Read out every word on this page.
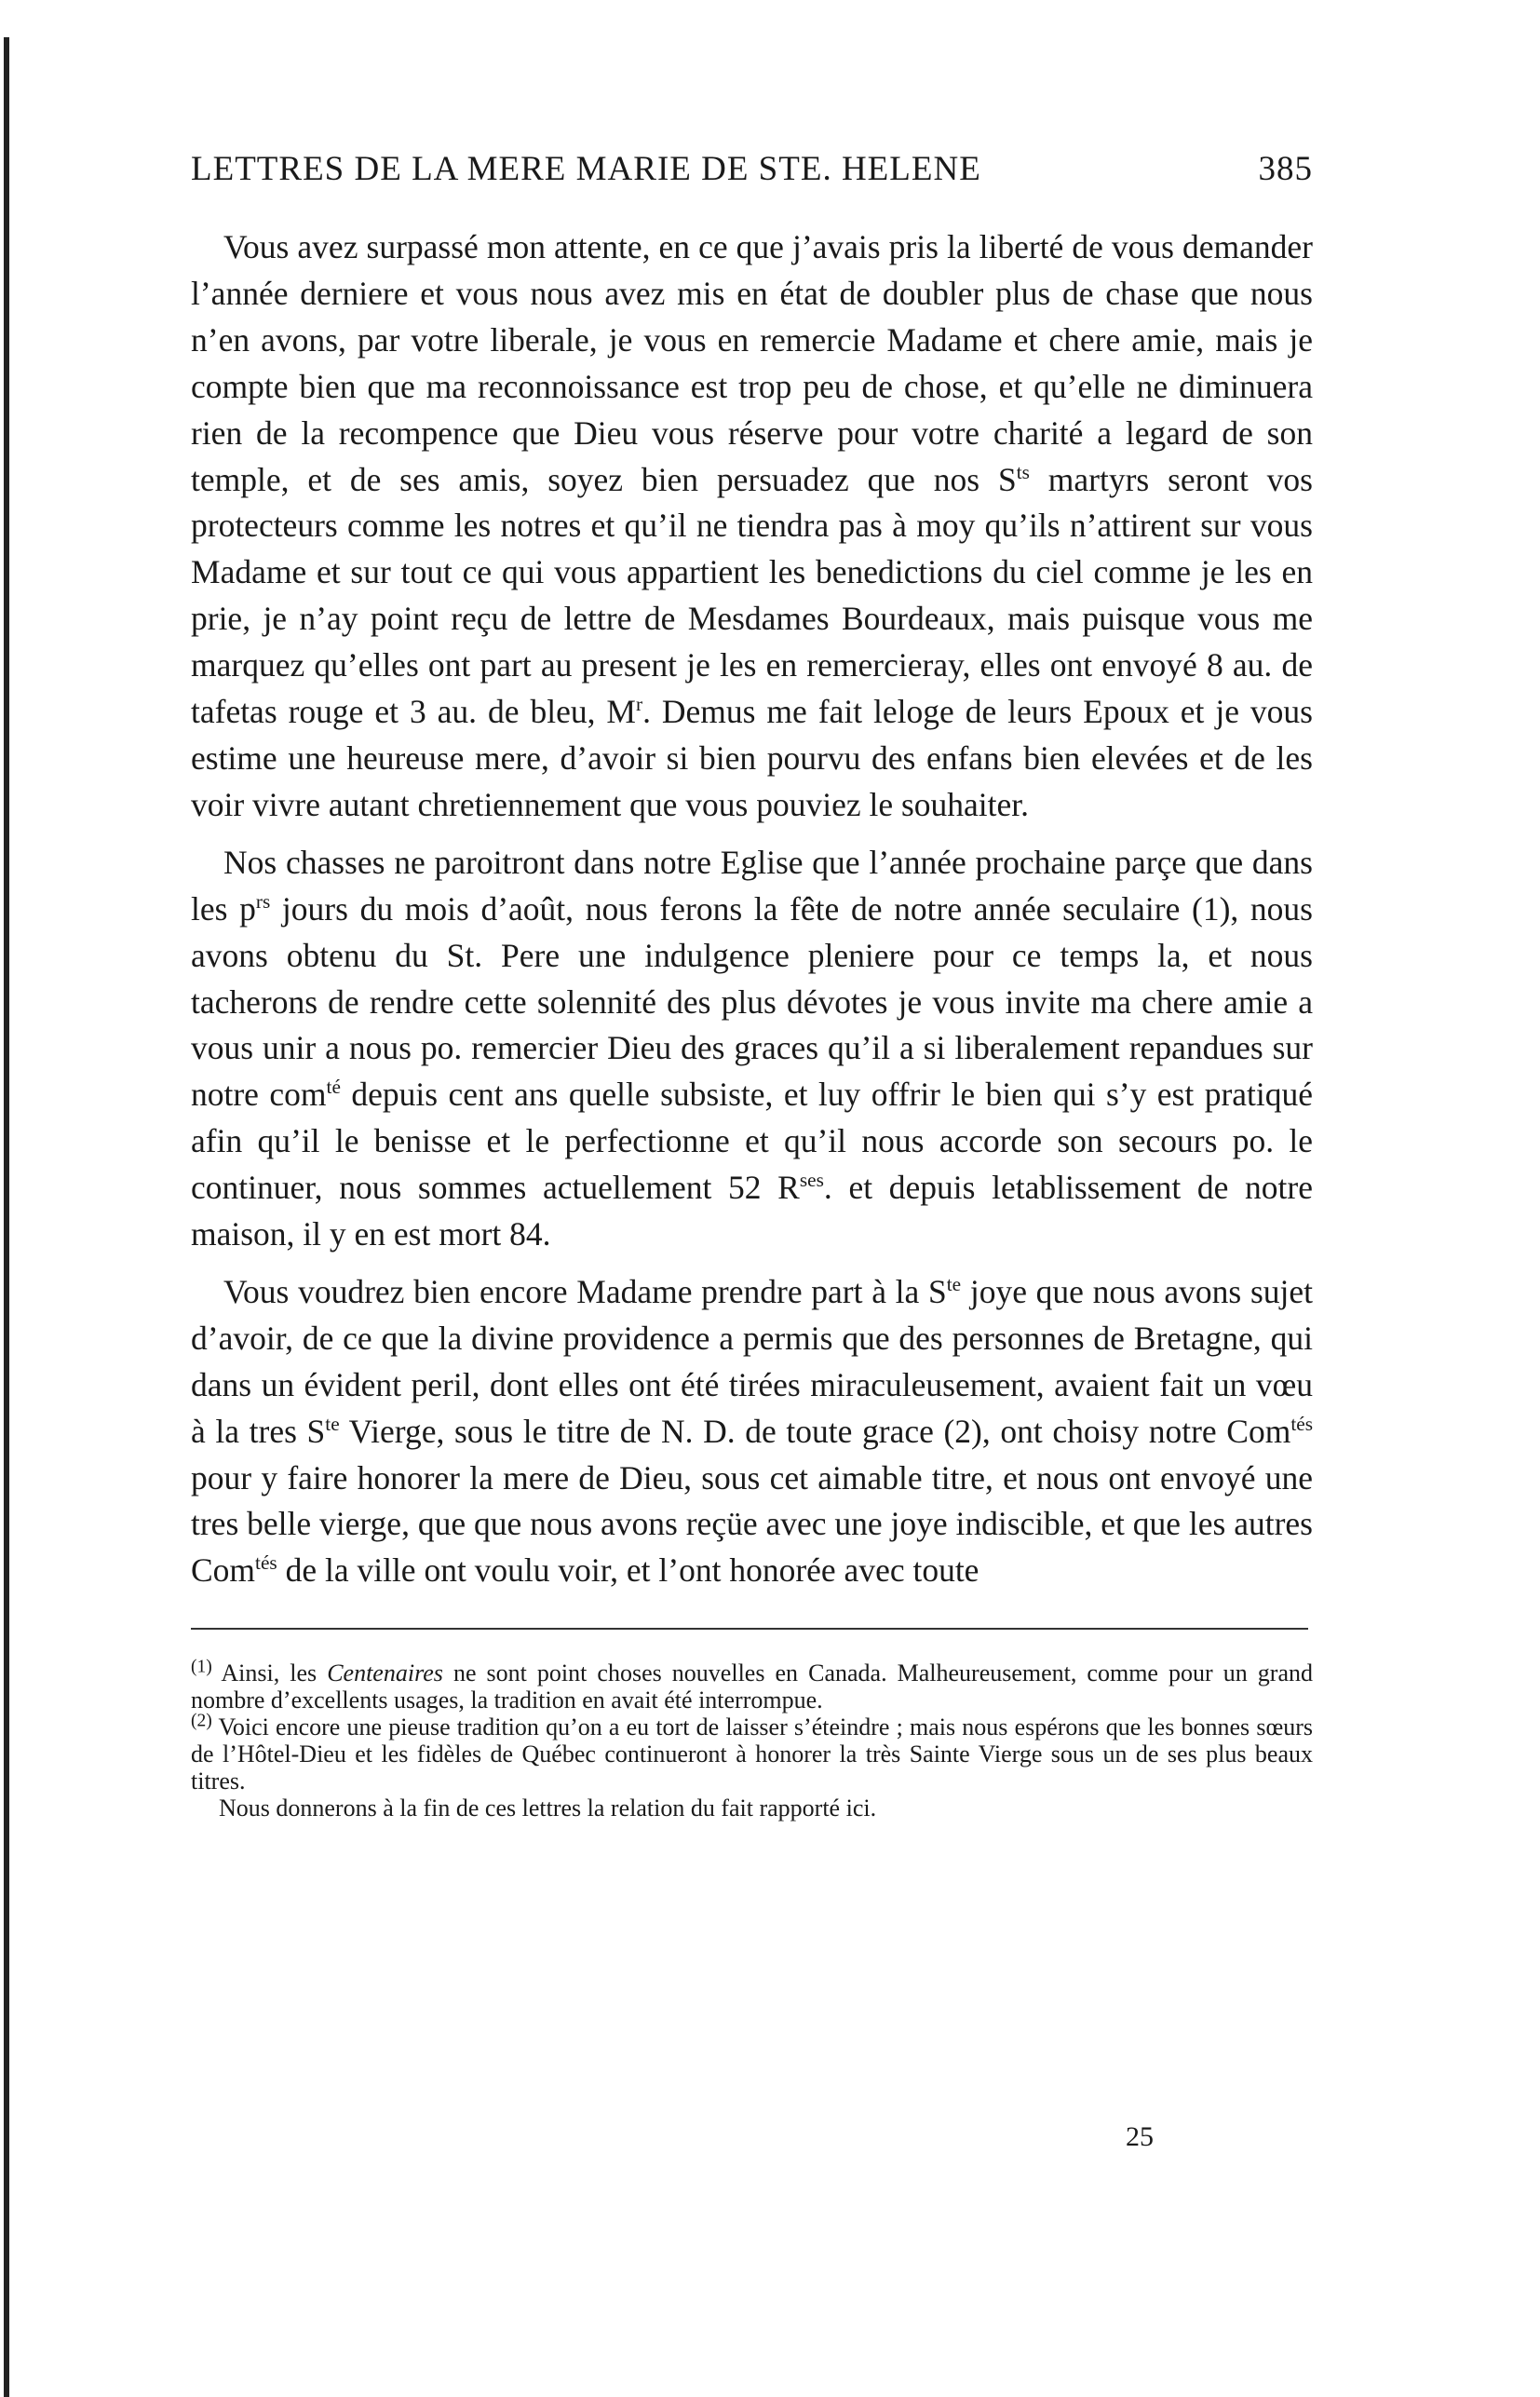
LETTRES DE LA MERE MARIE DE STE. HELENE	385

Vous avez surpassé mon attente, en ce que j’avais pris la liberté de vous demander l’année derniere et vous nous avez mis en état de doubler plus de chase que nous n’en avons, par votre liberale, je vous en remercie Madame et chere amie, mais je compte bien que ma reconnoissance est trop peu de chose, et qu’elle ne diminuera rien de la recompence que Dieu vous réserve pour votre charité a legard de son temple, et de ses amis, soyez bien persuadez que nos $S^{ts}$ martyrs seront vos protecteurs comme les notres et qu’il ne tiendra pas à moy qu’ils n’attirent sur vous Madame et sur tout ce qui vous appartient les benedictions du ciel comme je les en prie, je n’ay point reçu de lettre de Mesdames Bourdeaux, mais puisque vous me marquez qu’elles ont part au present je les en remercieray, elles ont envoyé 8 au. de tafetas rouge et 3 au. de bleu, $M^r$. Demus me fait leloge de leurs Epoux et je vous estime une heureuse mere, d’avoir si bien pourvu des enfans bien elevées et de les voir vivre autant chretiennement que vous pouviez le souhaiter.

Nos chasses ne paroitront dans notre Eglise que l’année prochaine parçe que dans les $p^{rs}$ jours du mois d’août, nous ferons la fête de notre année seculaire (1), nous avons obtenu du St. Pere une indulgence pleniere pour ce temps la, et nous tacherons de rendre cette solennité des plus dévotes je vous invite ma chere amie a vous unir a nous po. remercier Dieu des graces qu’il a si liberalement repandues sur notre com$^{té}$ depuis cent ans quelle subsiste, et luy offrir le bien qui s’y est pratiqué afin qu’il le benisse et le perfectionne et qu’il nous accorde son secours po. le continuer, nous sommes actuellement 52 $R^{ses}$. et depuis letablissement de notre maison, il y en est mort 84.

Vous voudrez bien encore Madame prendre part à la $S^{te}$ joye que nous avons sujet d’avoir, de ce que la divine providence a permis que des personnes de Bretagne, qui dans un évident peril, dont elles ont été tirées miraculeusement, avaient fait un vœu à la tres $S^{te}$ Vierge, sous le titre de N. D. de toute grace (2), ont choisy notre Com$^{tés}$ pour y faire honorer la mere de Dieu, sous cet aimable titre, et nous ont envoyé une tres belle vierge, que que nous avons reçüe avec une joye indiscible, et que les autres Com$^{tés}$ de la ville ont voulu voir, et l’ont honorée avec toute

$^{(1)}$ Ainsi, les Centenaires ne sont point choses nouvelles en Canada. Malheureusement, comme pour un grand nombre d’excellents usages, la tradition en avait été interrompue.

$^{(2)}$ Voici encore une pieuse tradition qu’on a eu tort de laisser s’éteindre ; mais nous espérons que les bonnes sœurs de l’Hôtel-Dieu et les fidèles de Québec continueront à honorer la très Sainte Vierge sous un de ses plus beaux titres.

Nous donnerons à la fin de ces lettres la relation du fait rapporté ici.

25
